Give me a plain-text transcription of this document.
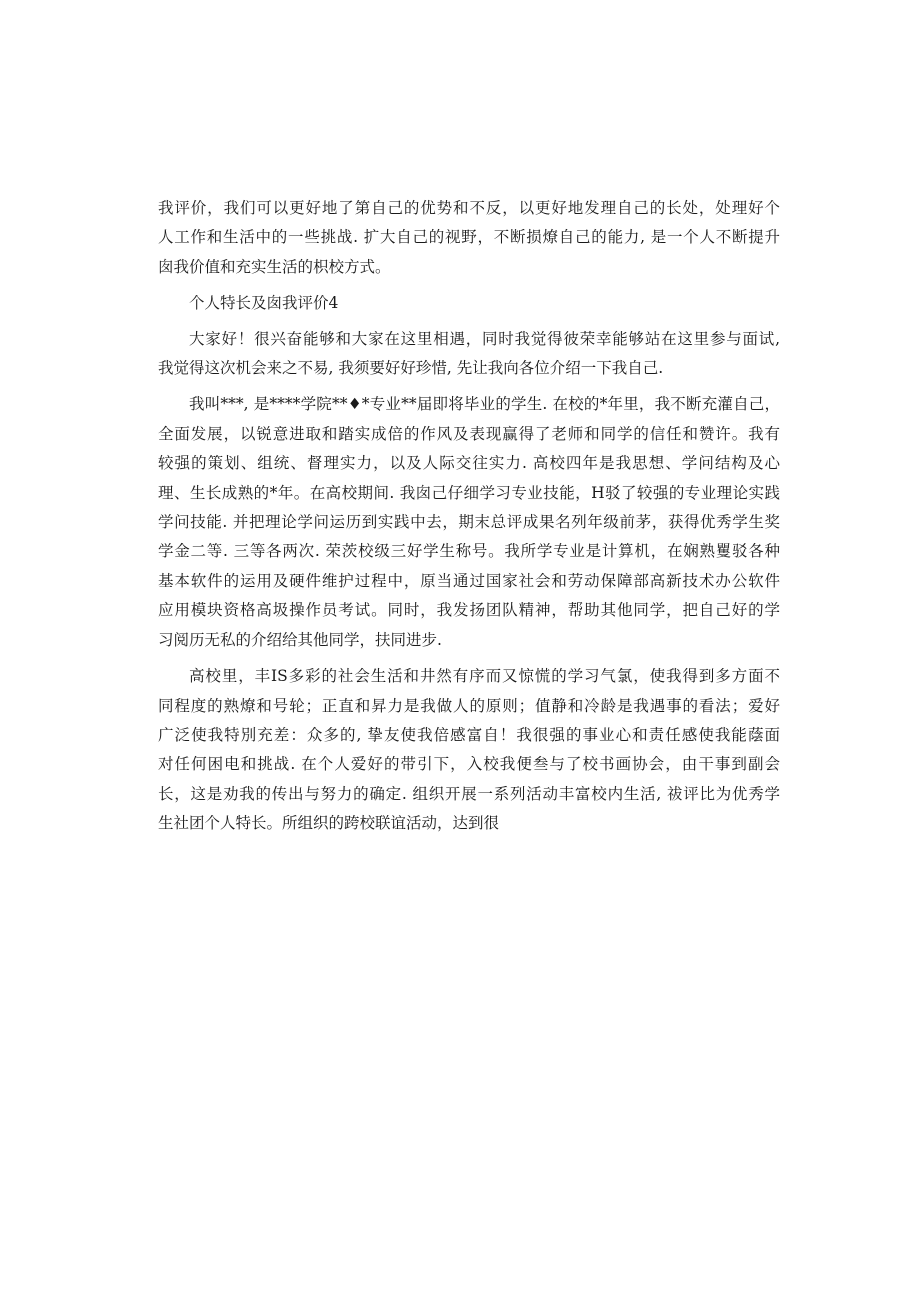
我评价，我们可以更好地了第自己的优势和不反，以更好地发理自己的长处，处理好个
人工作和生活中的一些挑战. 扩大自己的视野，不断损燎自己的能力, 是一个人不断提升
囱我价值和充实生活的枳校方式。
个人特长及囱我评价4
大家好！很兴奋能够和大家在这里相遇，同时我觉得彼荣幸能够站在这里参与面试,
我觉得这次机会来之不易, 我须要好好珍惜, 先让我向各位介绍一下我自己.
我叫***, 是****学院**♦*专业**届即将毕业的学生. 在校的*年里，我不断充灌自己，
全面发展，以锐意进取和踏实成倍的作风及表现赢得了老师和同学的信任和赞许。我有
较强的策划、组统、督理实力，以及人际交往实力. 高校四年是我思想、学问结构及心
理、生长成熟的*年。在高校期间. 我囱己仔细学习专业技能，H驳了较强的专业理论实践
学问技能. 并把理论学问运历到实践中去，期末总评成果名列年级前茅，获得优秀学生奖
学金二等. 三等各两次. 荣茨校级三好学生称号。我所学专业是计算机，在娴熟矍驳各种
基本软件的运用及硬件维护过程中，原当通过国家社会和劳动保障部高新技术办公软件
应用模块资格高圾操作员考试。同时，我发扬团队精神，帮助其他同学，把自己好的学
习阅历无私的介绍给其他同学，扶同进步.
高校里，丰IS多彩的社会生活和井然有序而又惊慌的学习气氯，使我得到多方面不
同程度的熟燎和号轮；正直和昇力是我做人的原则；值静和冷龄是我遇事的看法；爱好
广泛使我特別充差：众多的, 挚友使我倍感富自！我很强的事业心和责任感使我能蔭面
对任何困电和挑战. 在个人爱好的带引下，入校我便叁与了校书画协会，由干事到副会
长，这是劝我的传出与努力的确定. 组织开展一系列活动丰富校内生活, 祓评比为优秀学
生社团个人特长。所组织的跨校联谊活动，达到很
